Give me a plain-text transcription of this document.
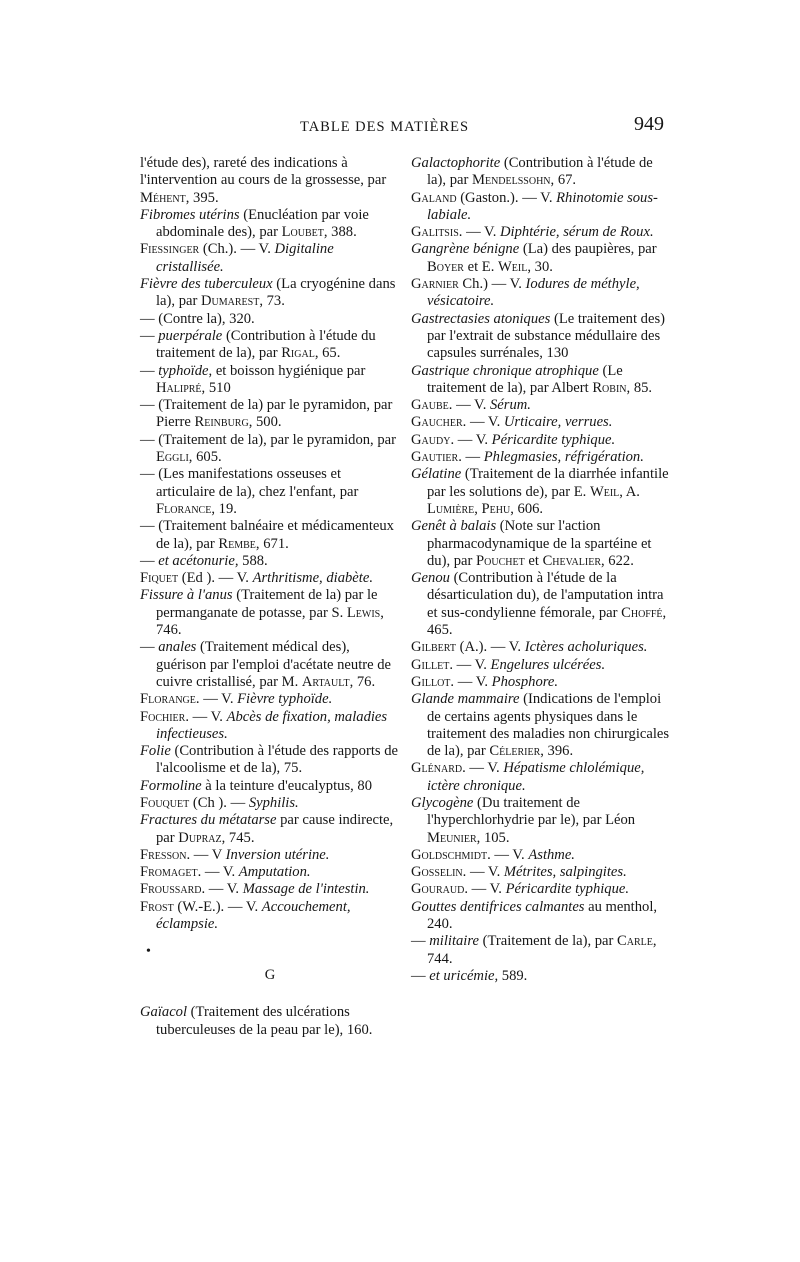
TABLE DES MATIÈRES	949

l'étude des), rareté des indications à l'intervention au cours de la grossesse, par Méhent, 395.

Fibromes utérins (Enucléation par voie abdominale des), par Loubet, 388.

Fiessinger (Ch.). — V. Digitaline cristallisée.

Fièvre des tuberculeux (La cryogénine dans la), par Dumarest, 73.

— (Contre la), 320.

— puerpérale (Contribution à l'étude du traitement de la), par Rigal, 65.

— typhoïde, et boisson hygiénique par Halipré, 510

— (Traitement de la) par le pyramidon, par Pierre Reinburg, 500.

— (Traitement de la), par le pyramidon, par Eggli, 605.

— (Les manifestations osseuses et articulaire de la), chez l'enfant, par Florance, 19.

— (Traitement balnéaire et médicamenteux de la), par Rembe, 671.

— et acétonurie, 588.

Fiquet (Ed ). — V. Arthritisme, diabète.

Fissure à l'anus (Traitement de la) par le permanganate de potasse, par S. Lewis, 746.

— anales (Traitement médical des), guérison par l'emploi d'acétate neutre de cuivre cristallisé, par M. Artault, 76.

Florange. — V. Fièvre typhoïde.

Fochier. — V. Abcès de fixation, maladies infectieuses.

Folie (Contribution à l'étude des rapports de l'alcoolisme et de la), 75.

Formoline à la teinture d'eucalyptus, 80

Fouquet (Ch ). — Syphilis.

Fractures du métatarse par cause indirecte, par Dupraz, 745.

Fresson. — V Inversion utérine.

Fromaget. — V. Amputation.

Froussard. — V. Massage de l'intestin.

Frost (W.-E.). — V. Accouchement, éclampsie.

•
G

Gaïacol (Traitement des ulcérations tuberculeuses de la peau par le), 160.

Galactophorite (Contribution à l'étude de la), par Mendelssohn, 67.

Galand (Gaston.). — V. Rhinotomie sous-labiale.

Galitsis. — V. Diphtérie, sérum de Roux.

Gangrène bénigne (La) des paupières, par Boyer et E. Weil, 30.

Garnier Ch.) — V. Iodures de méthyle, vésicatoire.

Gastrectasies atoniques (Le traitement des) par l'extrait de substance médullaire des capsules surrénales, 130

Gastrique chronique atrophique (Le traitement de la), par Albert Robin, 85.

Gaube. — V. Sérum.

Gaucher. — V. Urticaire, verrues.

Gaudy. — V. Péricardite typhique.

Gautier. — Phlegmasies, réfrigération.

Gélatine (Traitement de la diarrhée infantile par les solutions de), par E. Weil, A. Lumière, Pehu, 606.

Genêt à balais (Note sur l'action pharmacodynamique de la spartéine et du), par Pouchet et Chevalier, 622.

Genou (Contribution à l'étude de la désarticulation du), de l'amputation intra et sus-condylienne fémorale, par Choffé, 465.

Gilbert (A.). — V. Ictères acholuriques.

Gillet. — V. Engelures ulcérées.

Gillot. — V. Phosphore.

Glande mammaire (Indications de l'emploi de certains agents physiques dans le traitement des maladies non chirurgicales de la), par Célerier, 396.

Glénard. — V. Hépatisme chlolémique, ictère chronique.

Glycogène (Du traitement de l'hyperchlorhydrie par le), par Léon Meunier, 105.

Goldschmidt. — V. Asthme.

Gosselin. — V. Métrites, salpingites.

Gouraud. — V. Péricardite typhique.

Gouttes dentifrices calmantes au menthol, 240.

— militaire (Traitement de la), par Carle, 744.

— et uricémie, 589.
